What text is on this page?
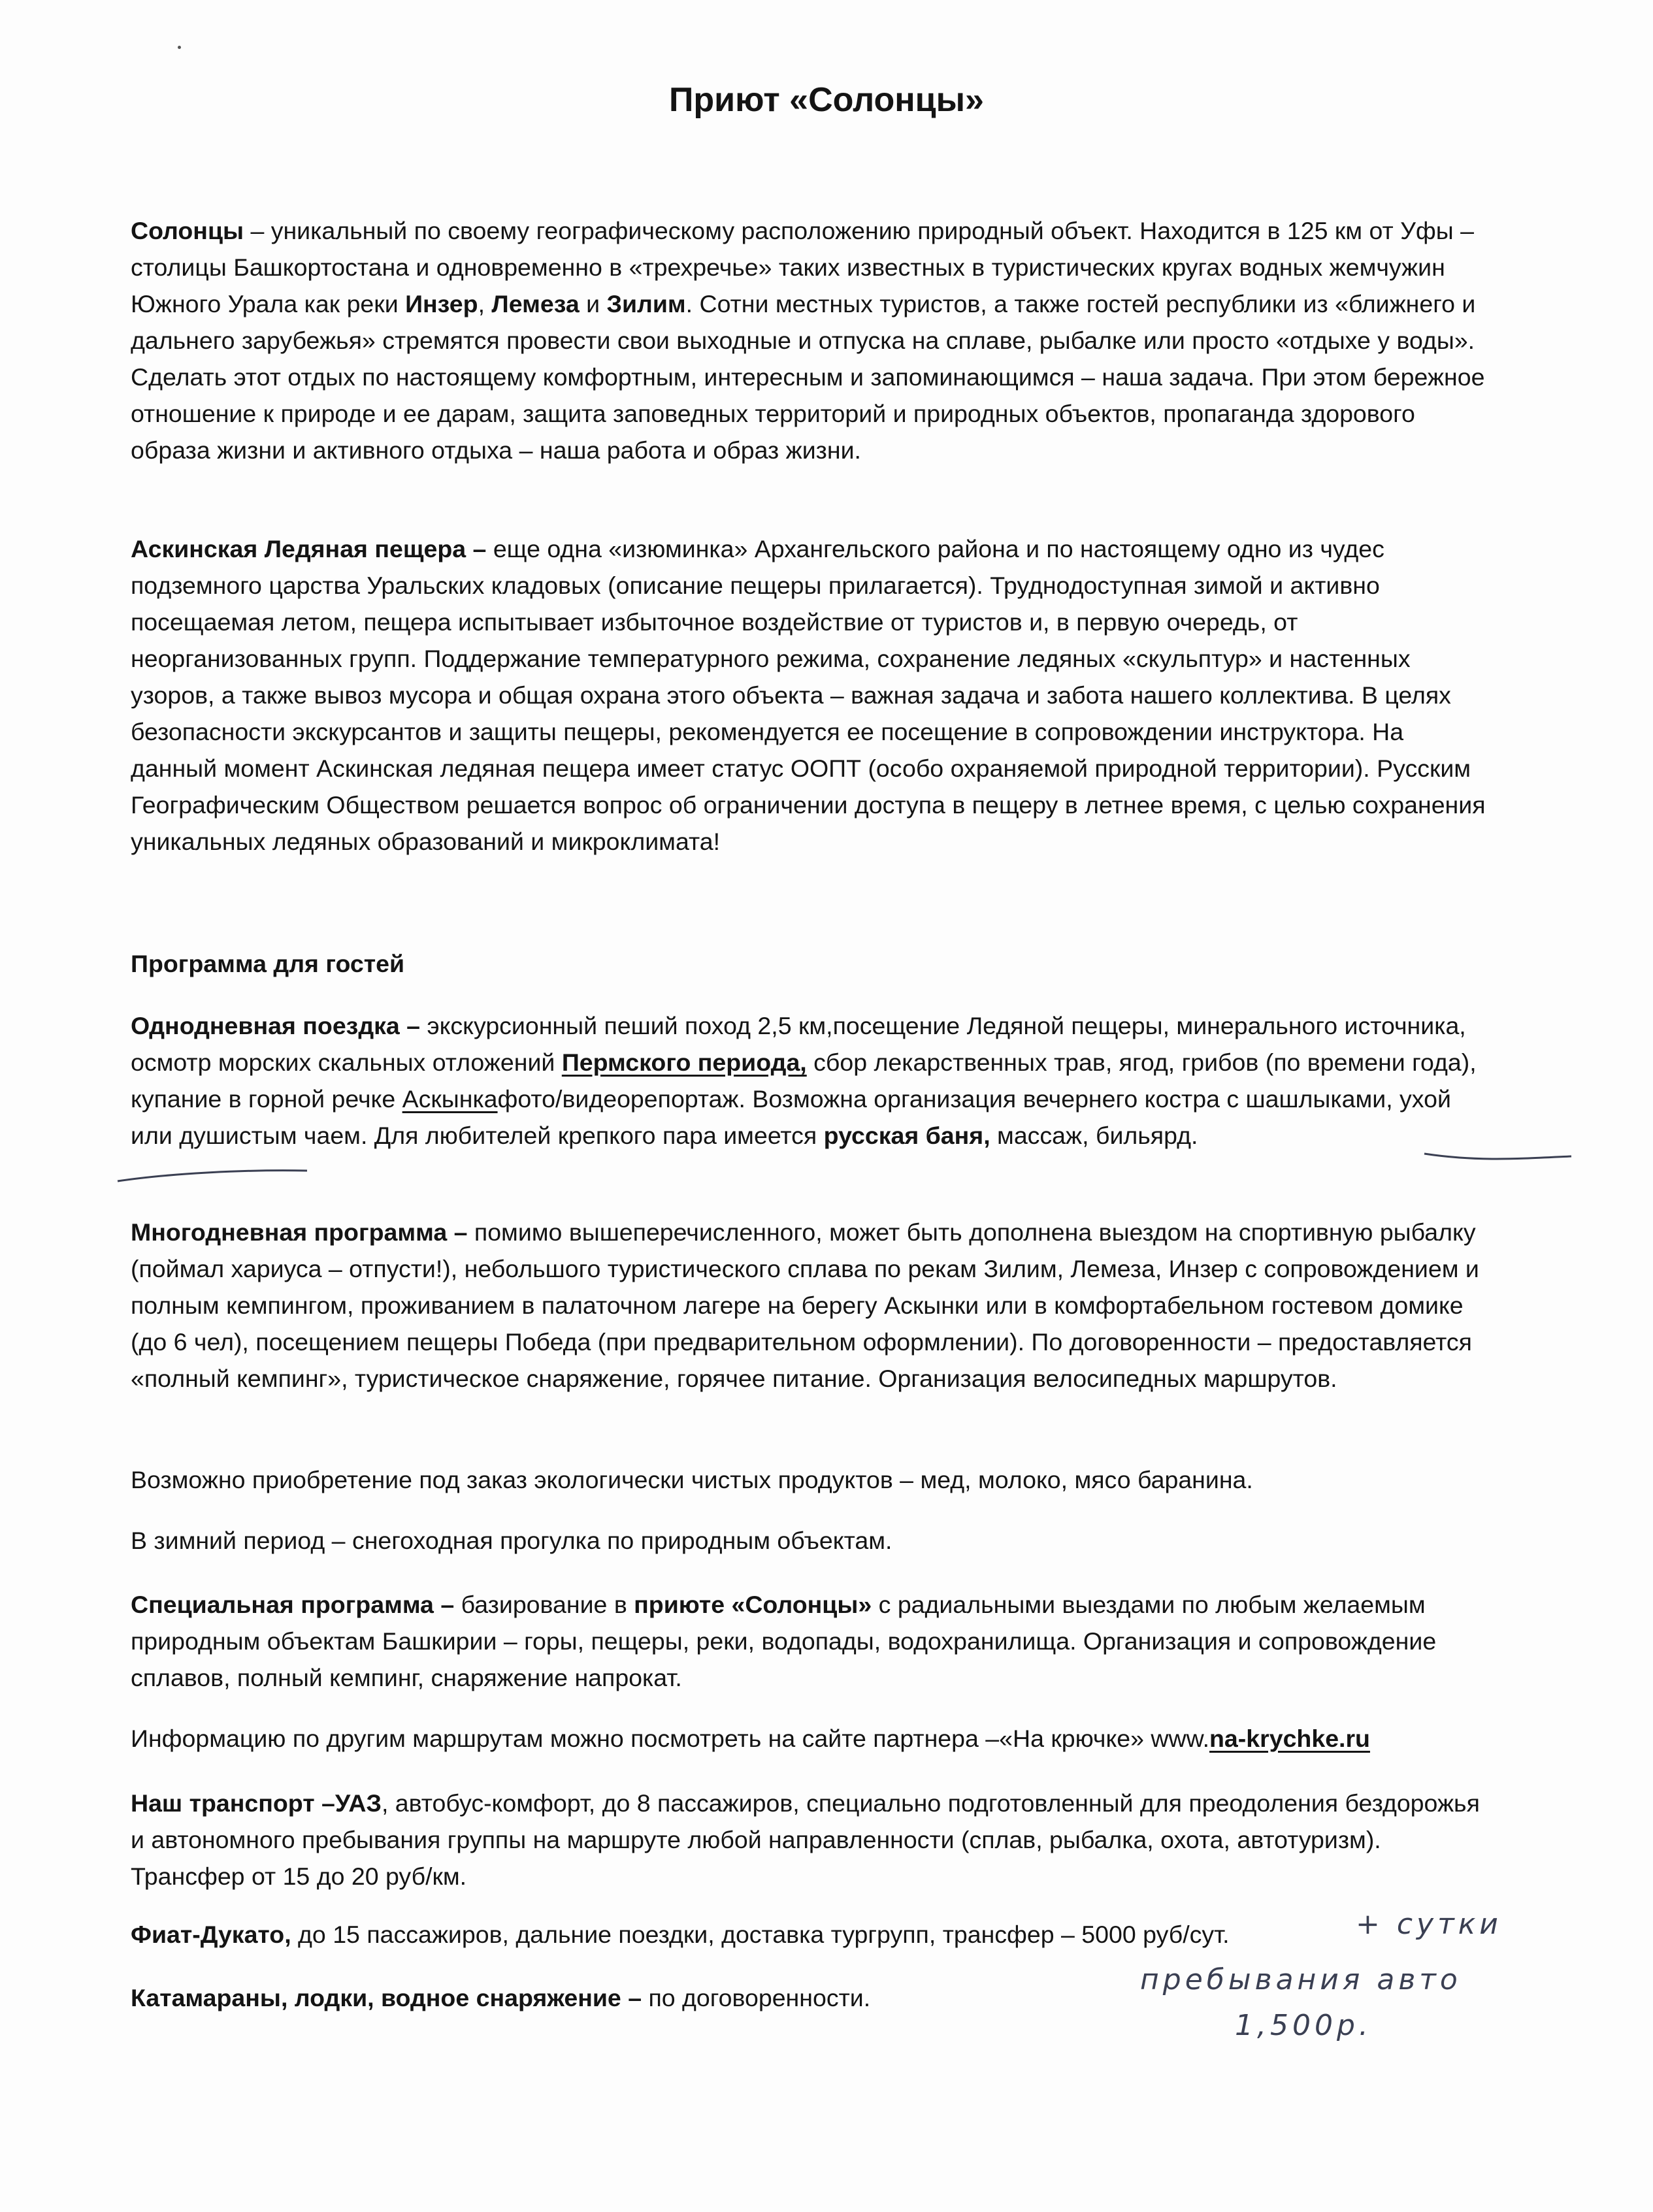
Приют «Солонцы»
Солонцы – уникальный по своему географическому расположению природный объект. Находится в 125 км от Уфы – столицы Башкортостана и одновременно в «трехречье» таких известных в туристических кругах водных жемчужин Южного Урала как реки Инзер, Лемеза и Зилим. Сотни местных туристов, а также гостей республики из «ближнего и дальнего зарубежья» стремятся провести свои выходные и отпуска на сплаве, рыбалке или просто «отдыхе у воды». Сделать этот отдых по настоящему комфортным, интересным и запоминающимся – наша задача. При этом бережное отношение к природе и ее дарам, защита заповедных территорий и природных объектов, пропаганда здорового образа жизни и активного отдыха – наша работа и образ жизни.
Аскинская Ледяная пещера – еще одна «изюминка» Архангельского района и по настоящему одно из чудес подземного царства Уральских кладовых (описание пещеры прилагается). Труднодоступная зимой и активно посещаемая летом, пещера испытывает избыточное воздействие от туристов и, в первую очередь, от неорганизованных групп. Поддержание температурного режима, сохранение ледяных «скульптур» и настенных узоров, а также вывоз мусора и общая охрана этого объекта – важная задача и забота нашего коллектива. В целях безопасности экскурсантов и защиты пещеры, рекомендуется ее посещение в сопровождении инструктора. На данный момент Аскинская ледяная пещера имеет статус ООПТ (особо охраняемой природной территории). Русским Географическим Обществом решается вопрос об ограничении доступа в пещеру в летнее время, с целью сохранения уникальных ледяных образований и микроклимата!
Программа для гостей
Однодневная поездка – экскурсионный пеший поход 2,5 км,посещение Ледяной пещеры, минерального источника, осмотр морских скальных отложений Пермского периода, сбор лекарственных трав, ягод, грибов (по времени года), купание в горной речке Аскынкафото/видеорепортаж. Возможна организация вечернего костра с шашлыками, ухой или душистым чаем. Для любителей крепкого пара имеется русская баня, массаж, бильярд.
Многодневная программа – помимо вышеперечисленного, может быть дополнена выездом на спортивную рыбалку (поймал хариуса – отпусти!), небольшого туристического сплава по рекам Зилим, Лемеза, Инзер с сопровождением и полным кемпингом, проживанием в палаточном лагере на берегу Аскынки или в комфортабельном гостевом домике (до 6 чел), посещением пещеры Победа (при предварительном оформлении). По договоренности – предоставляется «полный кемпинг», туристическое снаряжение, горячее питание. Организация велосипедных маршрутов.
Возможно приобретение под заказ экологически чистых продуктов – мед, молоко, мясо баранина.
В зимний период – снегоходная прогулка по природным объектам.
Специальная программа – базирование в приюте «Солонцы» с радиальными выездами по любым желаемым природным объектам Башкирии – горы, пещеры, реки, водопады, водохранилища. Организация и сопровождение сплавов, полный кемпинг, снаряжение напрокат.
Информацию по другим маршрутам можно посмотреть на сайте партнера –«На крючке» www.na-krychke.ru
Наш транспорт –УАЗ, автобус-комфорт, до 8 пассажиров, специально подготовленный для преодоления бездорожья и автономного пребывания группы на маршруте любой направленности (сплав, рыбалка, охота, автотуризм). Трансфер от 15 до 20 руб/км.
Фиат-Дукато, до 15 пассажиров, дальние поездки, доставка тургрупп, трансфер – 5000 руб/сут.
Катамараны, лодки, водное снаряжение – по договоренности.
+ сутки
пребывания авто
1,500р.
